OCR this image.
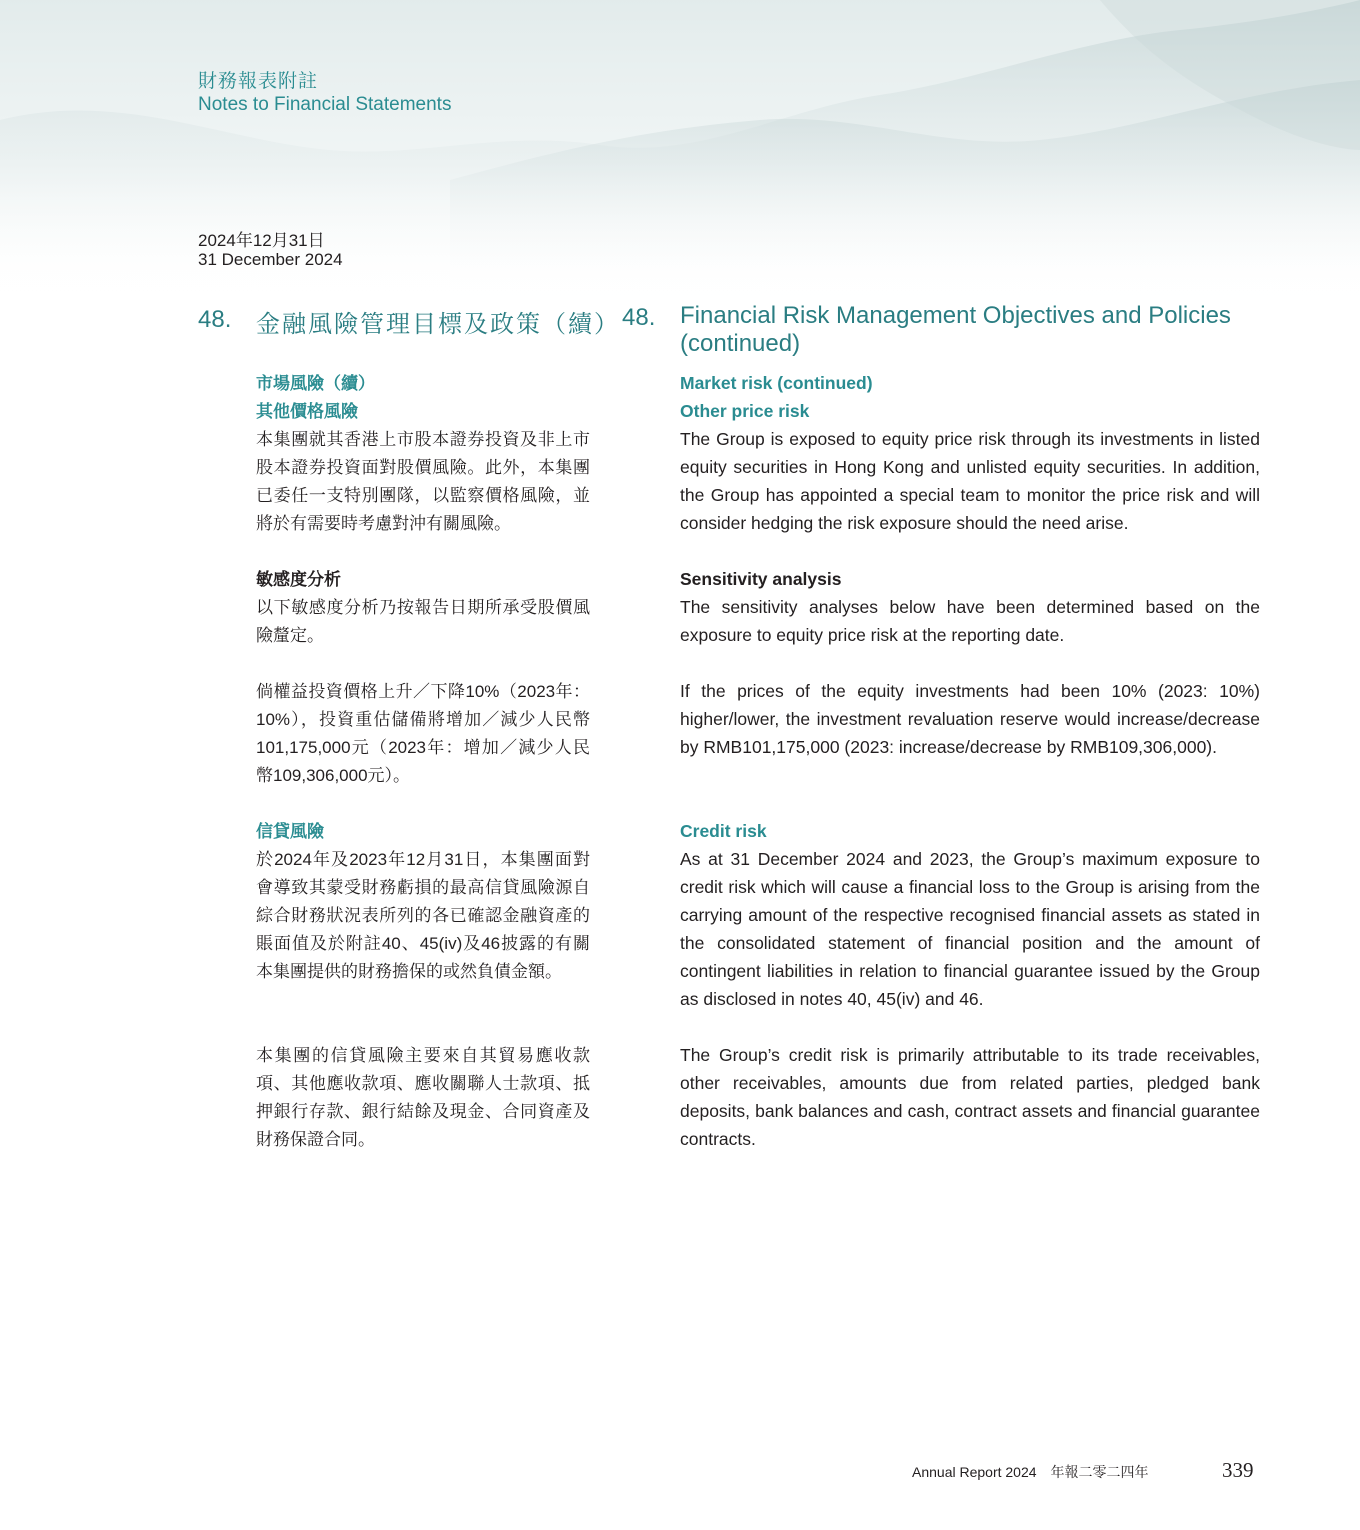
財務報表附註
Notes to Financial Statements
2024年12月31日
31 December 2024
48. 金融風險管理目標及政策（續） 48. Financial Risk Management Objectives and Policies (continued)
市場風險（續）
其他價格風險
本集團就其香港上市股本證券投資及非上市股本證券投資面對股價風險。此外，本集團已委任一支特別團隊，以監察價格風險，並將於有需要時考慮對沖有關風險。
敏感度分析
以下敏感度分析乃按報告日期所承受股價風險釐定。
倘權益投資價格上升／下降10%（2023年：10%），投資重估儲備將增加／減少人民幣101,175,000元（2023年：增加／減少人民幣109,306,000元）。
信貸風險
於2024年及2023年12月31日，本集團面對會導致其蒙受財務虧損的最高信貸風險源自綜合財務狀況表所列的各已確認金融資產的賬面值及於附註40、45(iv)及46披露的有關本集團提供的財務擔保的或然負債金額。
本集團的信貸風險主要來自其貿易應收款項、其他應收款項、應收關聯人士款項、抵押銀行存款、銀行結餘及現金、合同資產及財務保證合同。
Market risk (continued)
Other price risk
The Group is exposed to equity price risk through its investments in listed equity securities in Hong Kong and unlisted equity securities. In addition, the Group has appointed a special team to monitor the price risk and will consider hedging the risk exposure should the need arise.
Sensitivity analysis
The sensitivity analyses below have been determined based on the exposure to equity price risk at the reporting date.
If the prices of the equity investments had been 10% (2023: 10%) higher/lower, the investment revaluation reserve would increase/decrease by RMB101,175,000 (2023: increase/decrease by RMB109,306,000).
Credit risk
As at 31 December 2024 and 2023, the Group’s maximum exposure to credit risk which will cause a financial loss to the Group is arising from the carrying amount of the respective recognised financial assets as stated in the consolidated statement of financial position and the amount of contingent liabilities in relation to financial guarantee issued by the Group as disclosed in notes 40, 45(iv) and 46.
The Group’s credit risk is primarily attributable to its trade receivables, other receivables, amounts due from related parties, pledged bank deposits, bank balances and cash, contract assets and financial guarantee contracts.
Annual Report 2024 年報二零二四年	339
